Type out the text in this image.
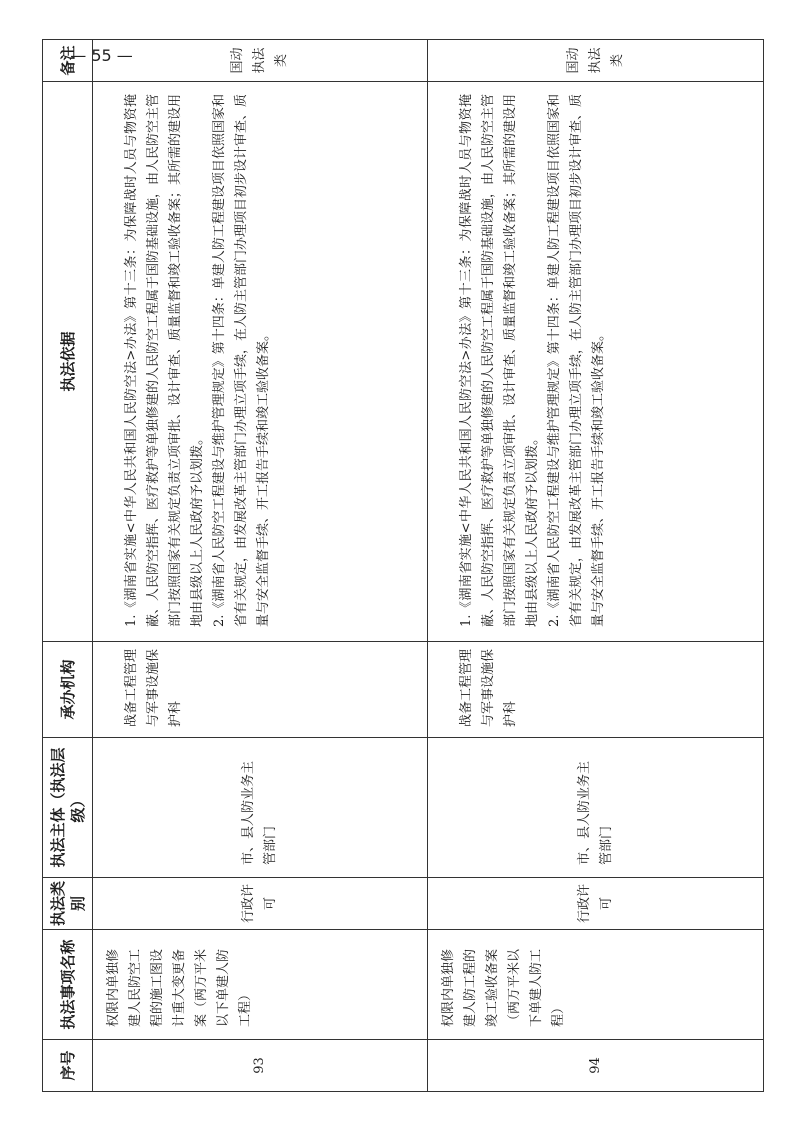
序号	执法事项名称	执法类别	执法主体（执法层级）	承办机构	执法依据	备注
93	权限内单独修建人民防空工程的施工图设计重大变更备案（两万平米以下单建人防工程）	行政许可	市、县人防业务主管部门	战备工程管理与军事设施保护科	1.《湖南省实施<中华人民共和国人民防空法>办法》第十三条：为保障战时人员与物资掩蔽、人民防空指挥、医疗救护等单独修建的人民防空工程属于国防基础设施，由人民防空主管部门按照国家有关规定负责立项审批、设计审查、质量监督和竣工验收备案；其所需的建设用地由县级以上人民政府予以划拨。 2.《湖南省人民防空工程建设与维护管理规定》第十四条：单建人防工程建设项目依照国家和省有关规定，由发展改革主管部门办理立项手续，在人防主管部门办理项目初步设计审查、质量与安全监督手续、开工报告手续和竣工验收备案。	国动执法类
94	权限内单独修建人防工程的竣工验收备案（两万平米以下单建人防工程）	行政许可	市、县人防业务主管部门	战备工程管理与军事设施保护科	1.《湖南省实施<中华人民共和国人民防空法>办法》第十三条：为保障战时人员与物资掩蔽、人民防空指挥、医疗救护等单独修建的人民防空工程属于国防基础设施，由人民防空主管部门按照国家有关规定负责立项审批、设计审查、质量监督和竣工验收备案；其所需的建设用地由县级以上人民政府予以划拨。 2.《湖南省人民防空工程建设与维护管理规定》第十四条：单建人防工程建设项目依照国家和省有关规定，由发展改革主管部门办理立项手续，在人防主管部门办理项目初步设计审查、质量与安全监督手续、开工报告手续和竣工验收备案。	国动执法类
— 55 —
